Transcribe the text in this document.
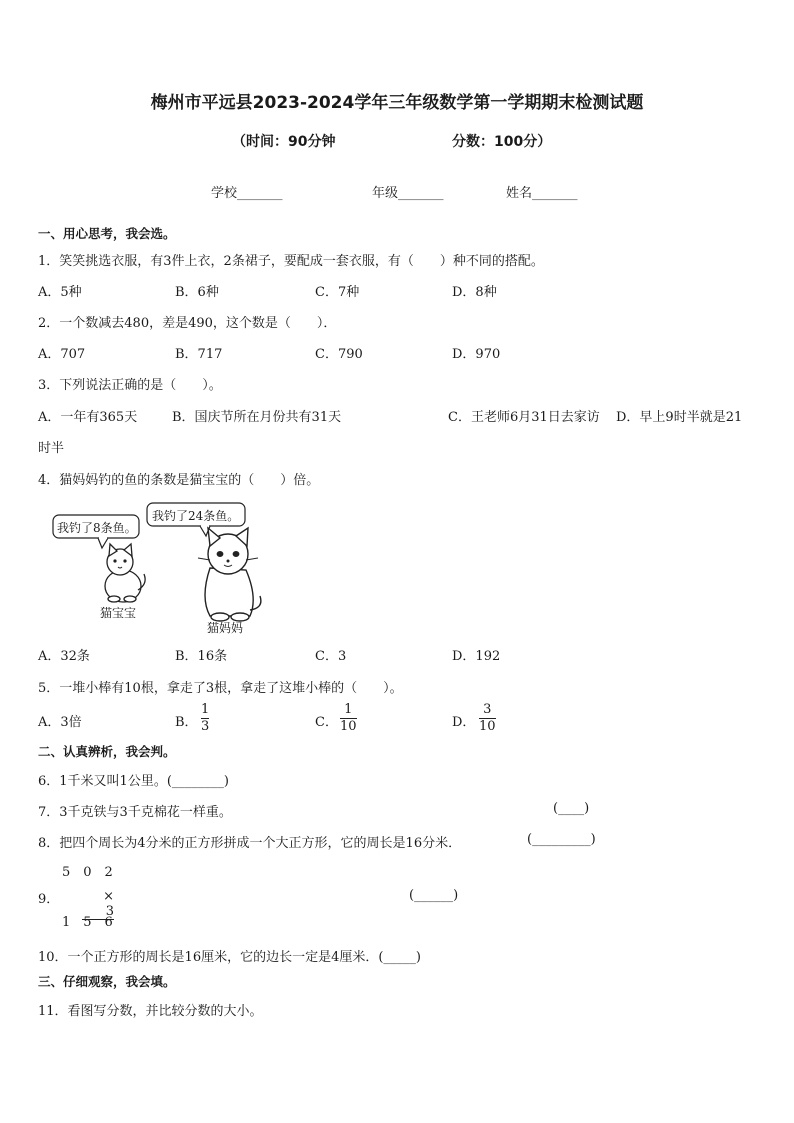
梅州市平远县2023-2024学年三年级数学第一学期期末检测试题
（时间：90分钟	分数：100分）
学校_______	年级_______	姓名_______
一、用心思考，我会选。
1．笑笑挑选衣服，有3件上衣，2条裙子，要配成一套衣服，有（　　）种不同的搭配。
A．5种	B．6种	C．7种	D．8种
2．一个数减去480，差是490，这个数是（　　）．
A．707	B．717	C．790	D．970
3．下列说法正确的是（　　）。
A．一年有365天	B．国庆节所在月份共有31天	C．王老师6月31日去家访 D．早上9时半就是21
时半
4．猫妈妈钓的鱼的条数是猫宝宝的（　　）倍。
我钓了8条鱼。
我钓了24条鱼。
猫宝宝
猫妈妈
A．32条	B．16条	C．3	D．192
5．一堆小棒有10根，拿走了3根，拿走了这堆小棒的（　　）。
A．3倍	B．
1
3	C．
1
10	D．
3
10
二、认真辨析，我会判。
6．1千米又叫1公里。(________)
7．3千克铁与3千克棉花一样重。	(____)
8．把四个周长为4分米的正方形拼成一个大正方形，它的周长是16分米．	(_________)
5　0　2
9．	×　3
1　5　6
(______)
10．一个正方形的周长是16厘米，它的边长一定是4厘米．(_____)
三、仔细观察，我会填。
11．看图写分数，并比较分数的大小。
